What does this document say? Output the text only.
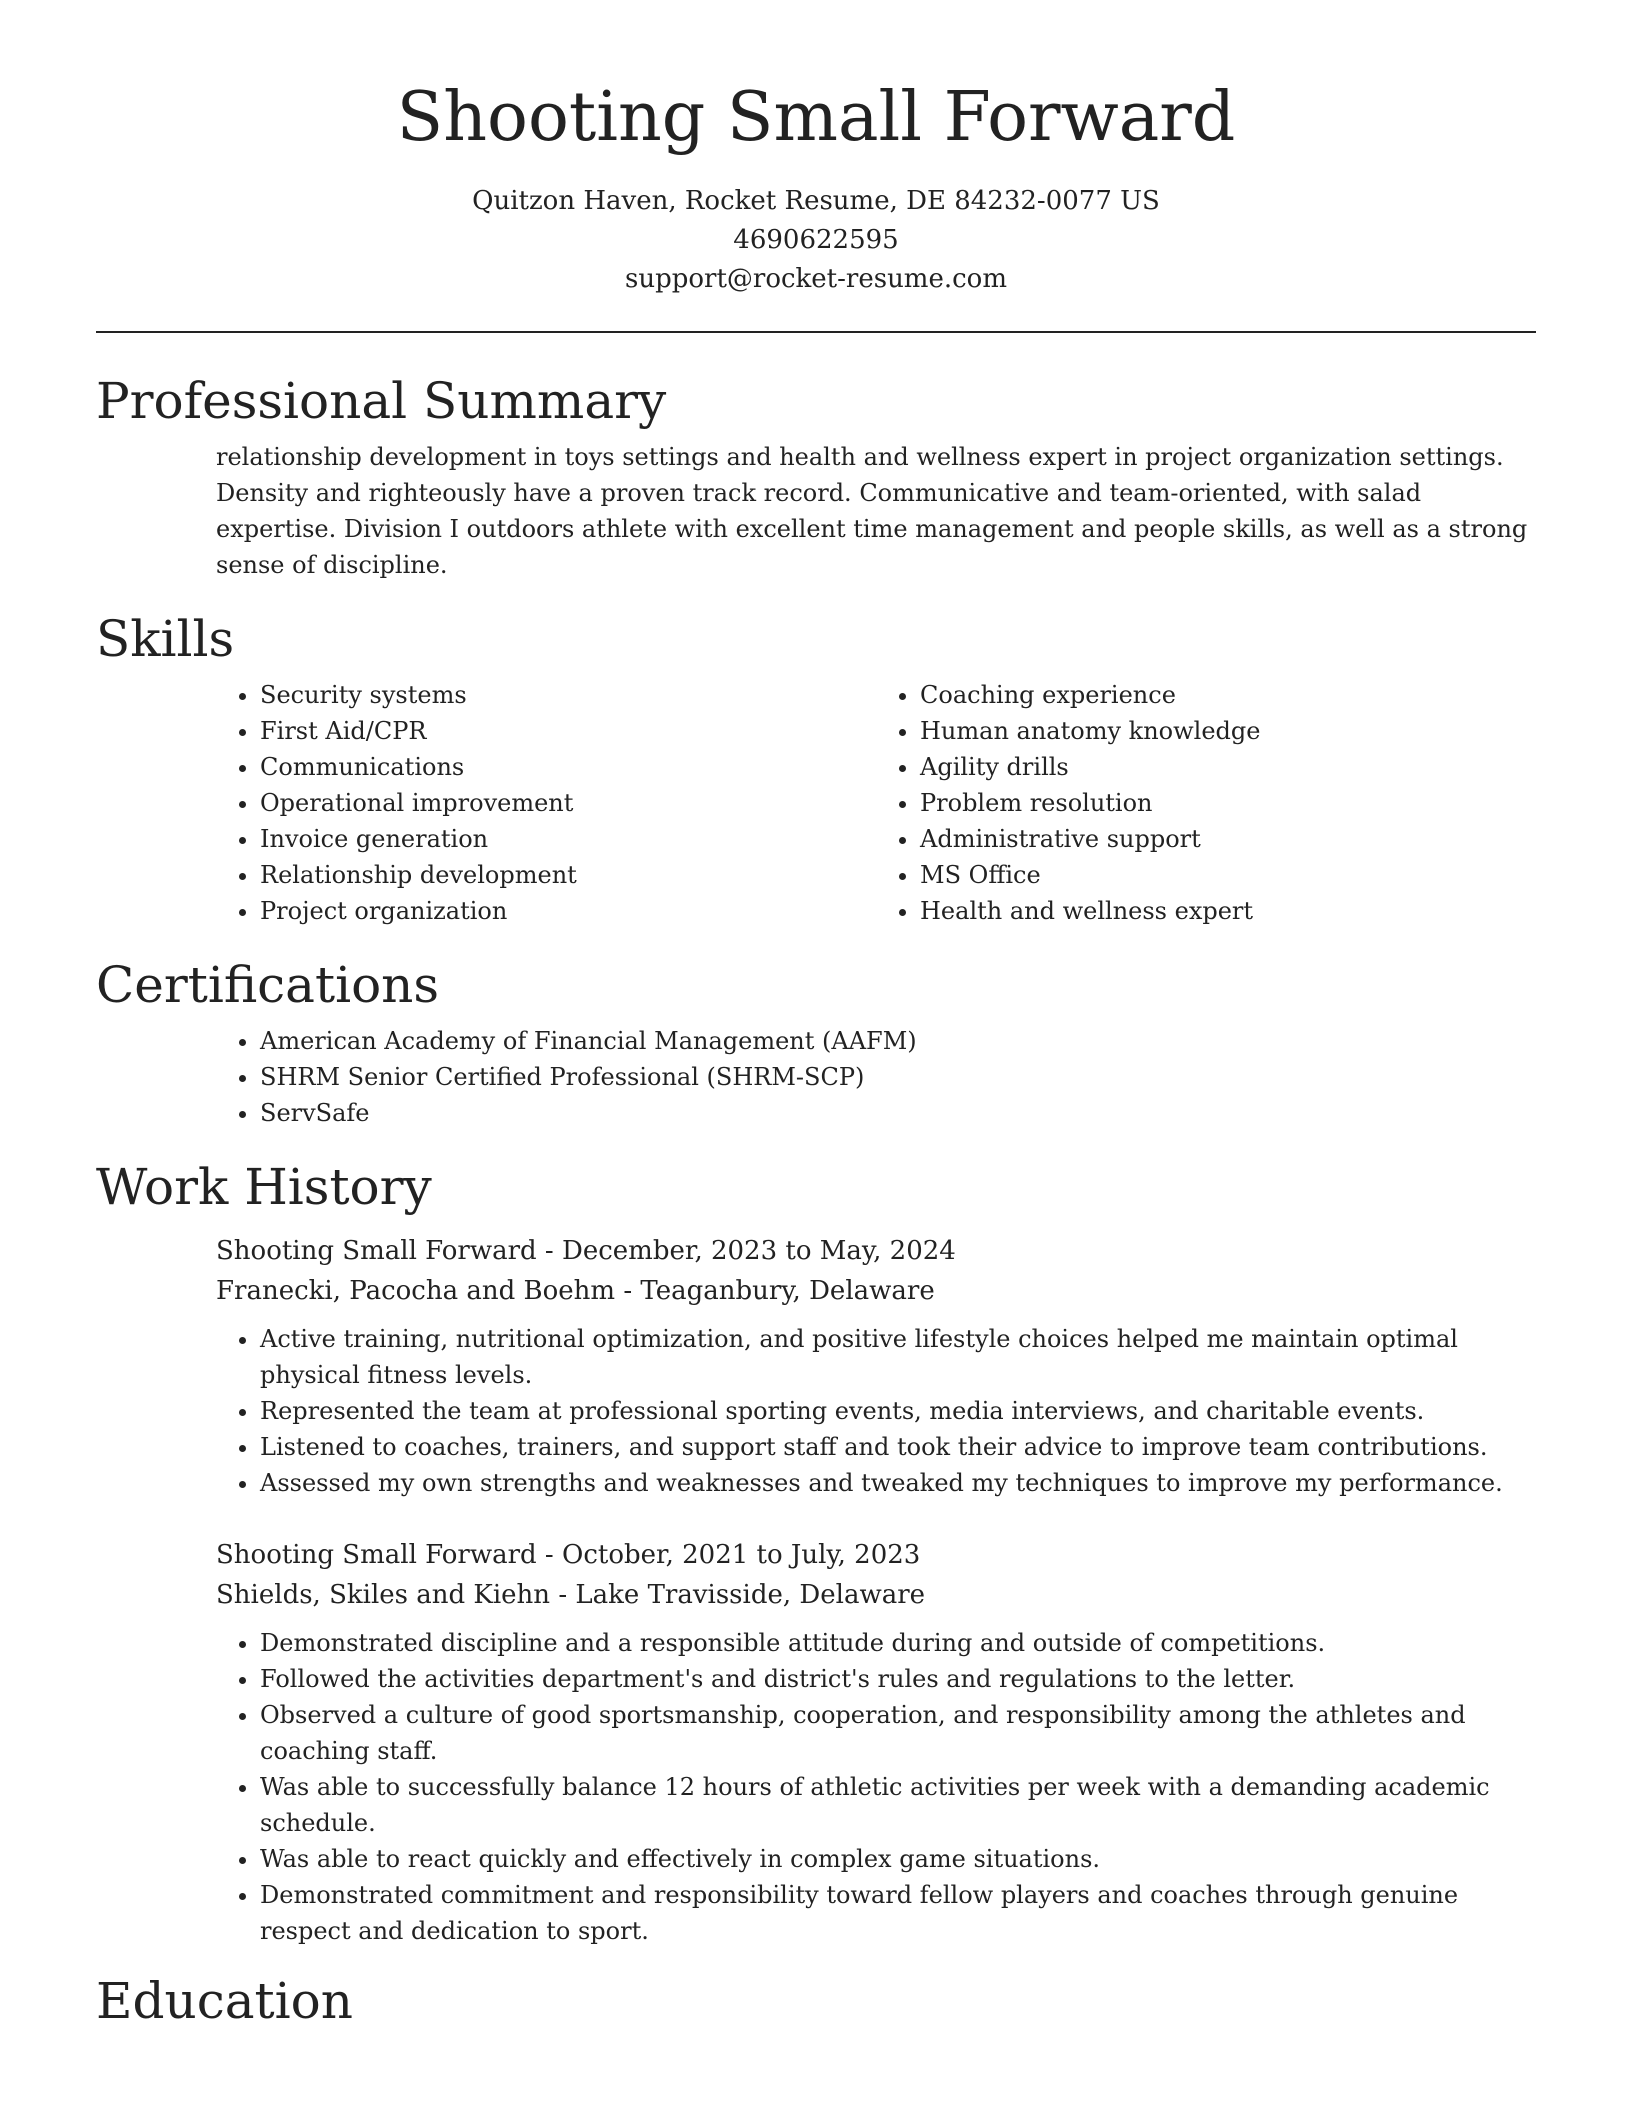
Shooting Small Forward
Quitzon Haven, Rocket Resume, DE 84232-0077 US
4690622595
support@rocket-resume.com
Professional Summary

relationship development in toys settings and health and wellness expert in project organization settings. Density and righteously have a proven track record. Communicative and team-oriented, with salad expertise. Division I outdoors athlete with excellent time management and people skills, as well as a strong sense of discipline.

Skills
• Security systems
• First Aid/CPR
• Communications
• Operational improvement
• Invoice generation
• Relationship development
• Project organization
• Coaching experience
• Human anatomy knowledge
• Agility drills
• Problem resolution
• Administrative support
• MS Office
• Health and wellness expert
Certifications
• American Academy of Financial Management (AAFM)
• SHRM Senior Certified Professional (SHRM-SCP)
• ServSafe
Work History
Shooting Small Forward - December, 2023 to May, 2024
Franecki, Pacocha and Boehm - Teaganbury, Delaware
• Active training, nutritional optimization, and positive lifestyle choices helped me maintain optimal physical fitness levels.
• Represented the team at professional sporting events, media interviews, and charitable events.
• Listened to coaches, trainers, and support staff and took their advice to improve team contributions.
• Assessed my own strengths and weaknesses and tweaked my techniques to improve my performance.
Shooting Small Forward - October, 2021 to July, 2023
Shields, Skiles and Kiehn - Lake Travisside, Delaware
• Demonstrated discipline and a responsible attitude during and outside of competitions.
• Followed the activities department's and district's rules and regulations to the letter.
• Observed a culture of good sportsmanship, cooperation, and responsibility among the athletes and coaching staff.
• Was able to successfully balance 12 hours of athletic activities per week with a demanding academic schedule.
• Was able to react quickly and effectively in complex game situations.
• Demonstrated commitment and responsibility toward fellow players and coaches through genuine respect and dedication to sport.
Education
